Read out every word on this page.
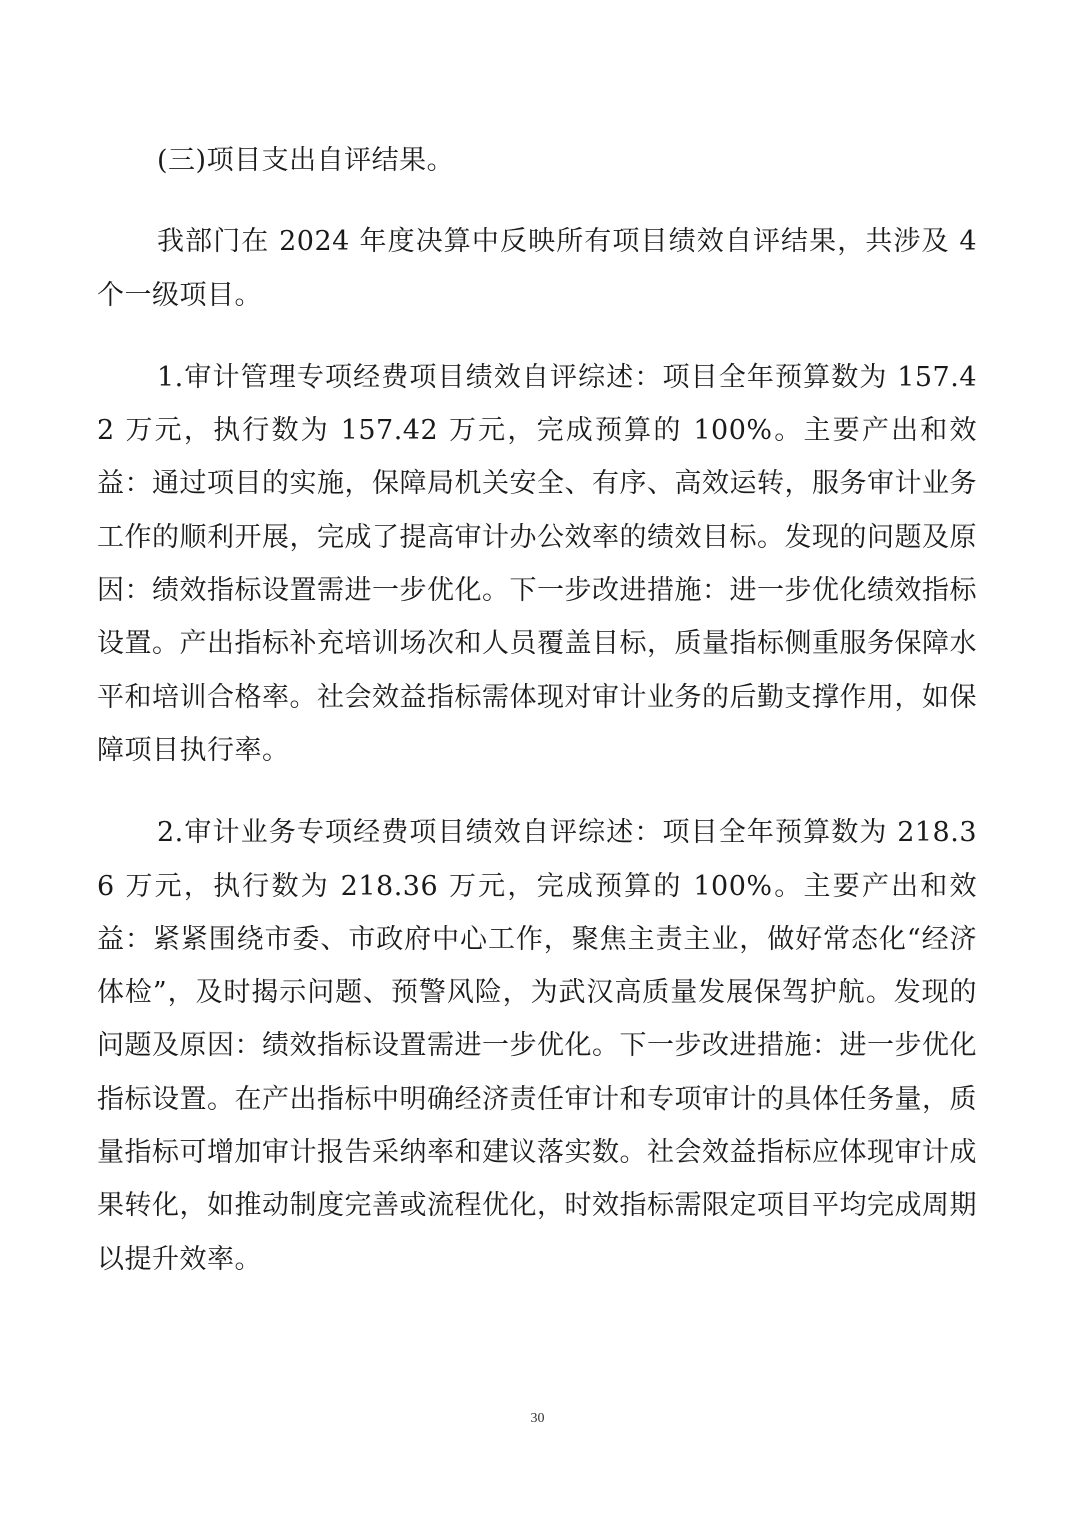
(三)项目支出自评结果。

我部门在 2024 年度决算中反映所有项目绩效自评结果，共涉及 4 个一级项目。

1.审计管理专项经费项目绩效自评综述：项目全年预算数为 157.42 万元，执行数为 157.42 万元，完成预算的 100%。主要产出和效益：通过项目的实施，保障局机关安全、有序、高效运转，服务审计业务工作的顺利开展，完成了提高审计办公效率的绩效目标。发现的问题及原因：绩效指标设置需进一步优化。下一步改进措施：进一步优化绩效指标设置。产出指标补充培训场次和人员覆盖目标，质量指标侧重服务保障水平和培训合格率。社会效益指标需体现对审计业务的后勤支撑作用，如保障项目执行率。

2.审计业务专项经费项目绩效自评综述：项目全年预算数为 218.36 万元，执行数为 218.36 万元，完成预算的 100%。主要产出和效益：紧紧围绕市委、市政府中心工作，聚焦主责主业，做好常态化“经济体检”，及时揭示问题、预警风险，为武汉高质量发展保驾护航。发现的问题及原因：绩效指标设置需进一步优化。下一步改进措施：进一步优化指标设置。在产出指标中明确经济责任审计和专项审计的具体任务量，质量指标可增加审计报告采纳率和建议落实数。社会效益指标应体现审计成果转化，如推动制度完善或流程优化，时效指标需限定项目平均完成周期以提升效率。

30
